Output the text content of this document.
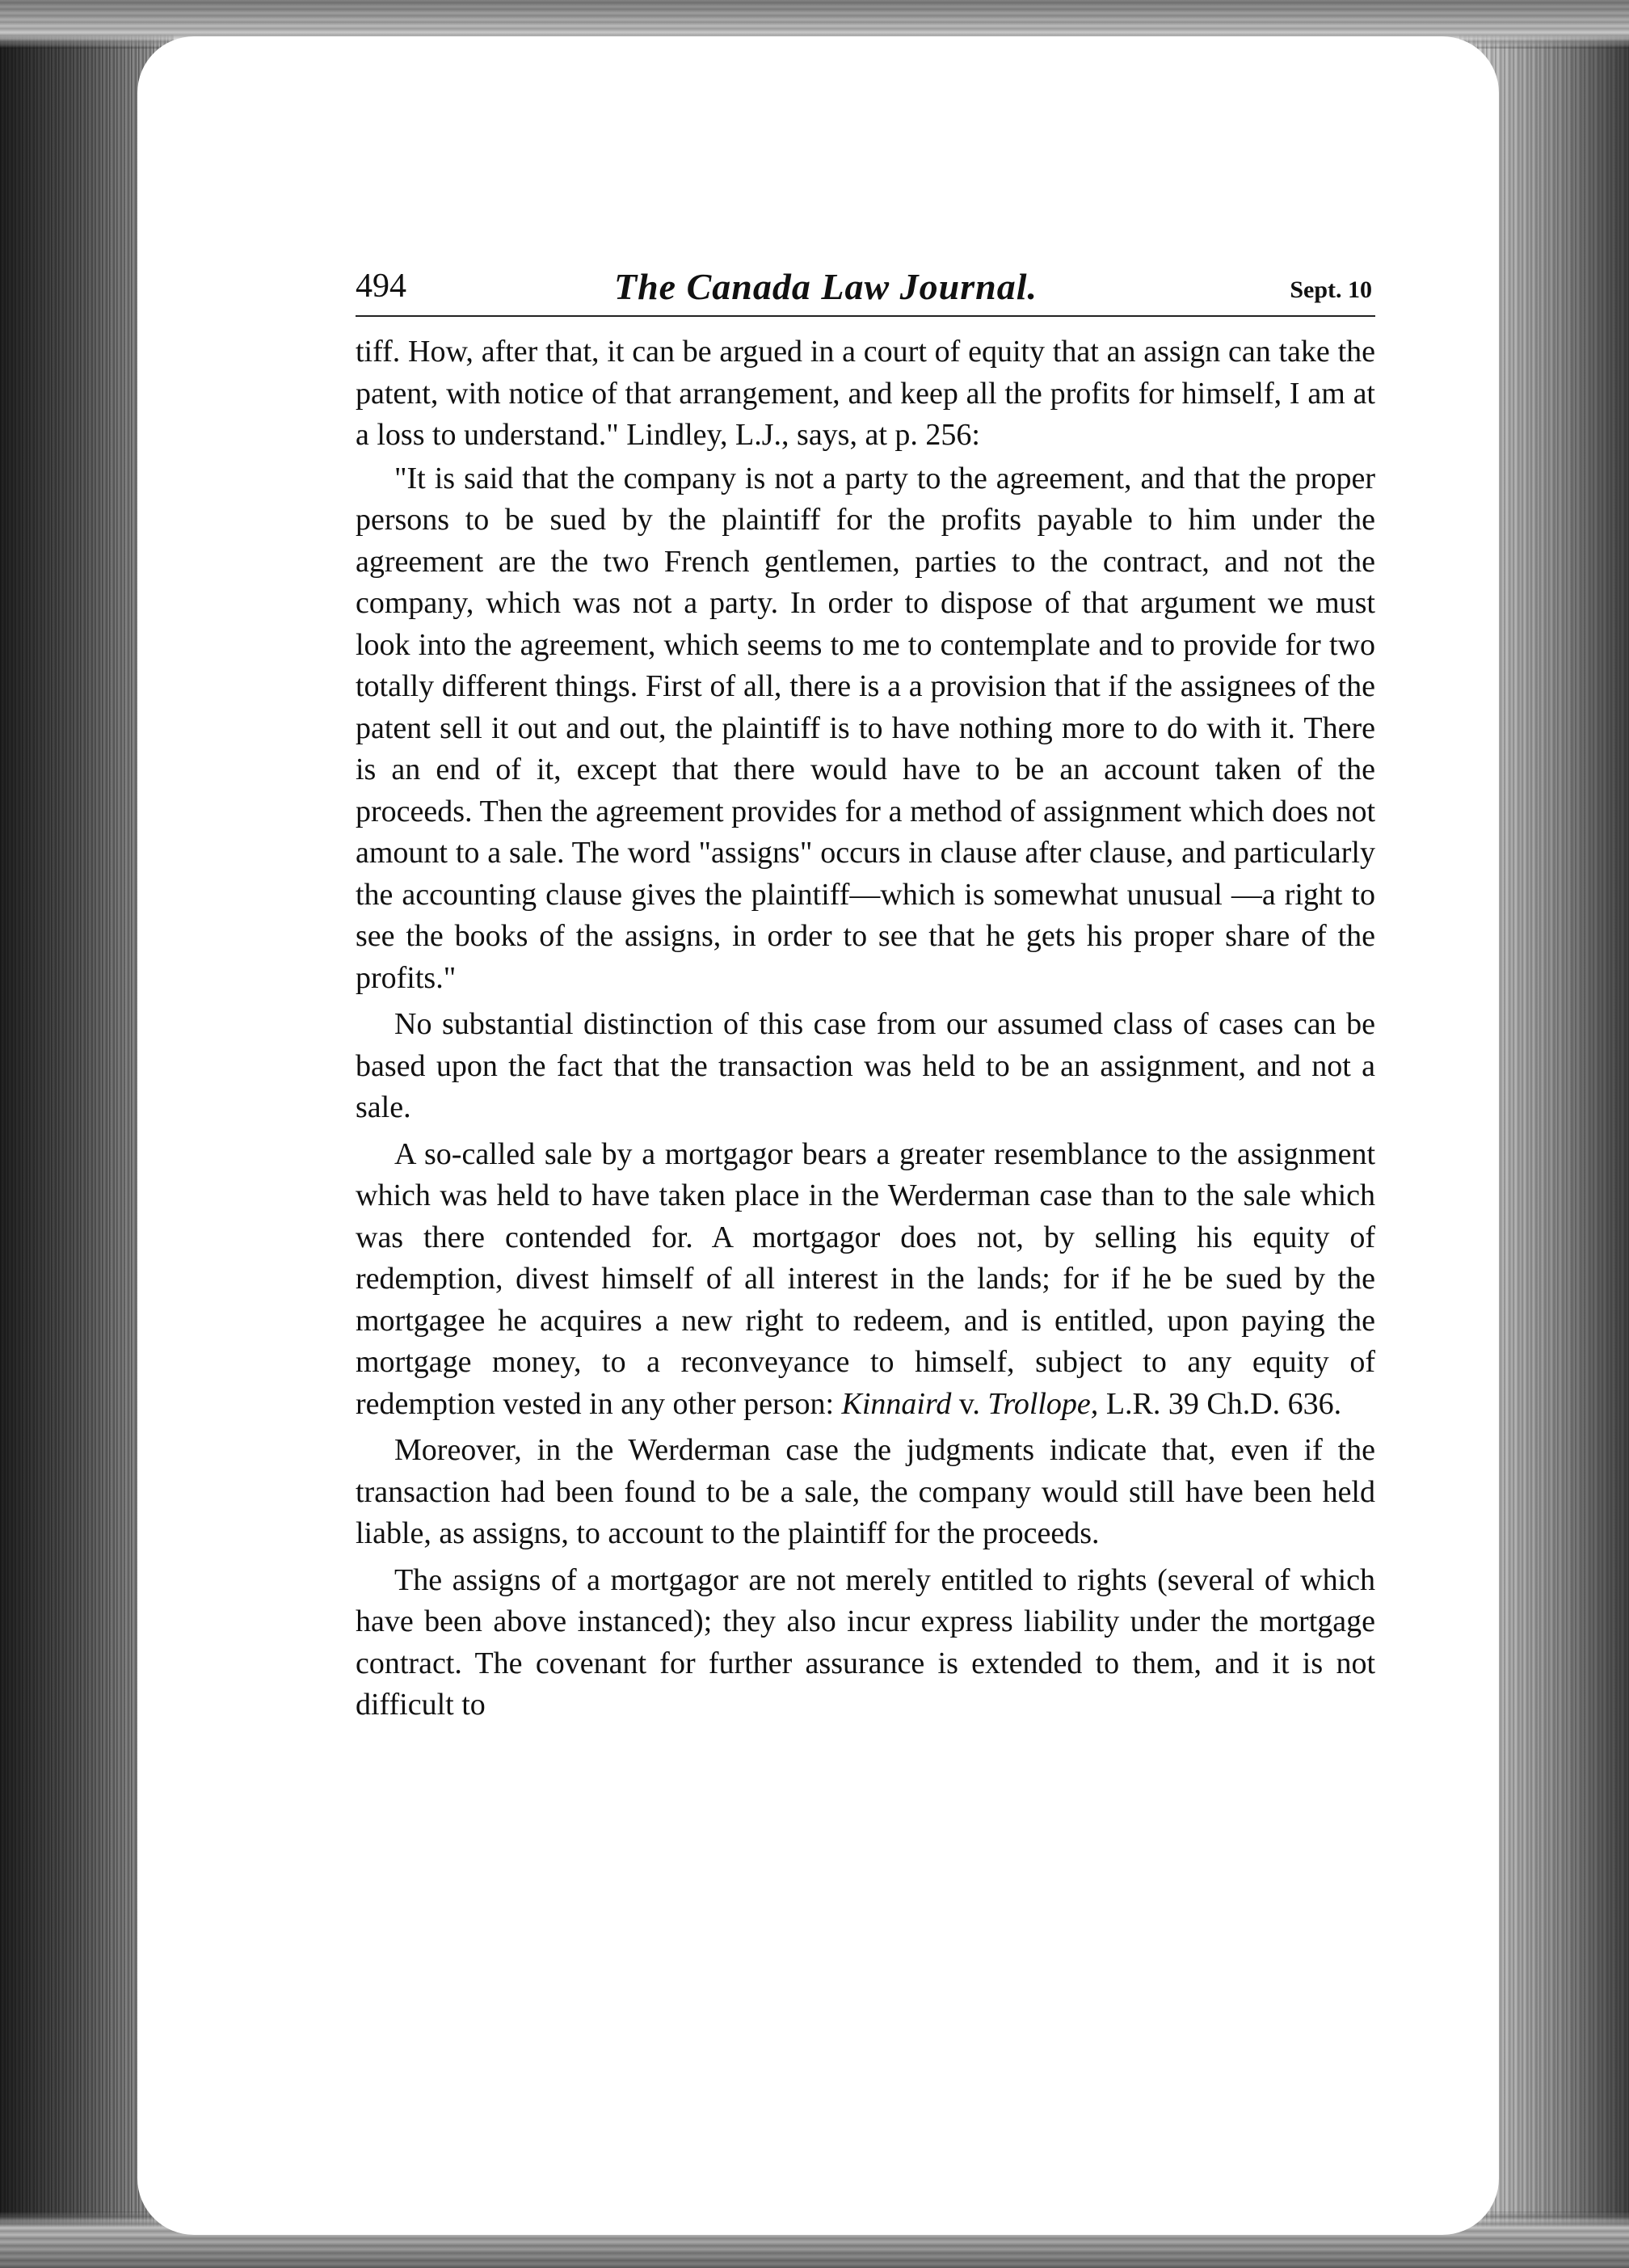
494	The Canada Law Journal.	Sept. 10

tiff. How, after that, it can be argued in a court of equity that an assign can take the patent, with notice of that arrangement, and keep all the profits for himself, I am at a loss to understand." Lindley, L.J., says, at p. 256:

"It is said that the company is not a party to the agreement, and that the proper persons to be sued by the plaintiff for the profits payable to him under the agreement are the two French gentlemen, parties to the contract, and not the company, which was not a party. In order to dispose of that argument we must look into the agreement, which seems to me to contemplate and to provide for two totally different things. First of all, there is a a provision that if the assignees of the patent sell it out and out, the plaintiff is to have nothing more to do with it. There is an end of it, except that there would have to be an account taken of the proceeds. Then the agreement provides for a method of assignment which does not amount to a sale. The word "assigns" occurs in clause after clause, and particularly the accounting clause gives the plaintiff—which is somewhat unusual —a right to see the books of the assigns, in order to see that he gets his proper share of the profits."

No substantial distinction of this case from our assumed class of cases can be based upon the fact that the transaction was held to be an assignment, and not a sale.

A so-called sale by a mortgagor bears a greater resemblance to the assignment which was held to have taken place in the Werderman case than to the sale which was there contended for. A mortgagor does not, by selling his equity of redemption, divest himself of all interest in the lands; for if he be sued by the mortgagee he acquires a new right to redeem, and is entitled, upon paying the mortgage money, to a reconveyance to himself, subject to any equity of redemption vested in any other person: Kinnaird v. Trollope, L.R. 39 Ch.D. 636.

Moreover, in the Werderman case the judgments indicate that, even if the transaction had been found to be a sale, the company would still have been held liable, as assigns, to account to the plaintiff for the proceeds.

The assigns of a mortgagor are not merely entitled to rights (several of which have been above instanced); they also incur express liability under the mortgage contract. The covenant for further assurance is extended to them, and it is not difficult to
